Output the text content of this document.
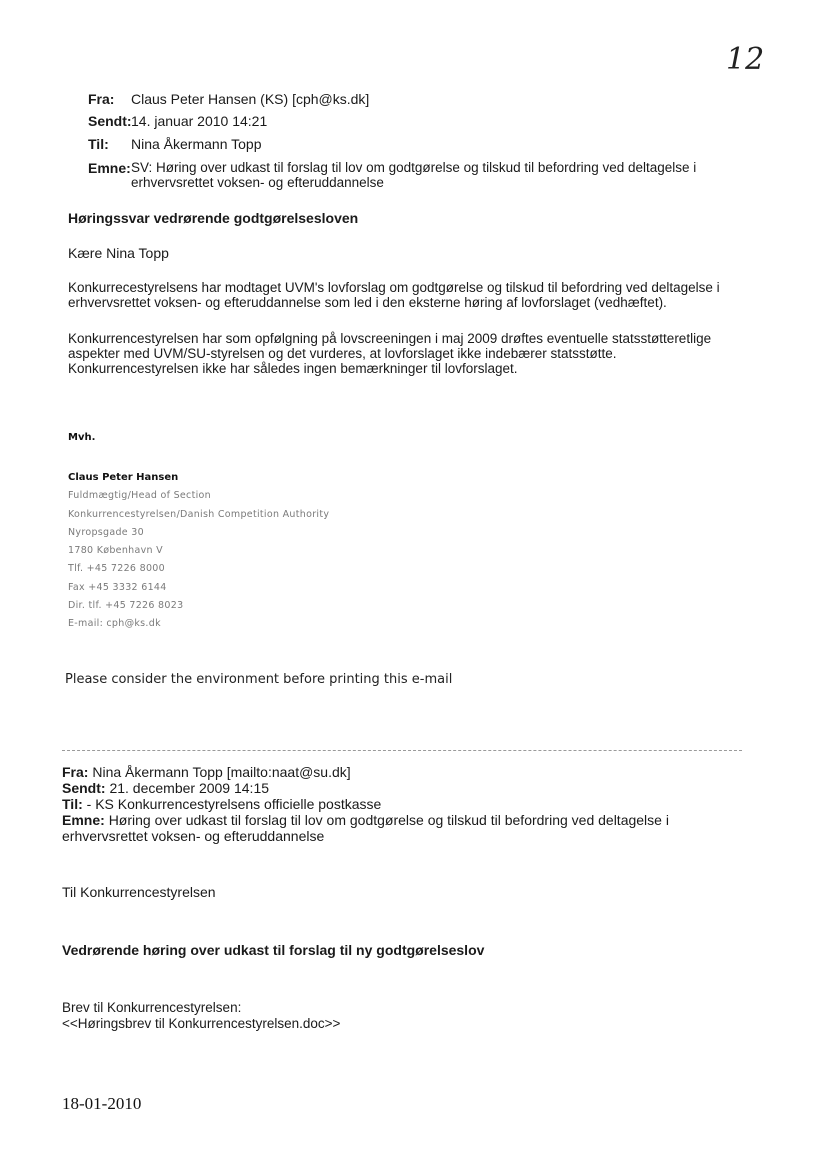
12
Fra: Claus Peter Hansen (KS) [cph@ks.dk]
Sendt: 14. januar 2010 14:21
Til: Nina Åkermann Topp
Emne: SV: Høring over udkast til forslag til lov om godtgørelse og tilskud til befordring ved deltagelse i
erhvervsrettet voksen- og efteruddannelse
Høringssvar vedrørende godtgørelsesloven
Kære Nina Topp
Konkurrecestyrelsens har modtaget UVM's lovforslag om godtgørelse og tilskud til befordring ved deltagelse i
erhvervsrettet voksen- og efteruddannelse som led i den eksterne høring af lovforslaget (vedhæftet).
Konkurrencestyrelsen har som opfølgning på lovscreeningen i maj 2009 drøftes eventuelle statsstøtteretlige
aspekter med UVM/SU-styrelsen og det vurderes, at lovforslaget ikke indebærer statsstøtte.
Konkurrencestyrelsen ikke har således ingen bemærkninger til lovforslaget.
Mvh.
Claus Peter Hansen
Fuldmægtig/Head of Section
Konkurrencestyrelsen/Danish Competition Authority
Nyropsgade 30
1780 København V
Tlf. +45 7226 8000
Fax +45 3332 6144
Dir. tlf. +45 7226 8023
E-mail: cph@ks.dk
Please consider the environment before printing this e-mail
Fra: Nina Åkermann Topp [mailto:naat@su.dk]
Sendt: 21. december 2009 14:15
Til: - KS Konkurrencestyrelsens officielle postkasse
Emne: Høring over udkast til forslag til lov om godtgørelse og tilskud til befordring ved deltagelse i
erhvervsrettet voksen- og efteruddannelse
Til Konkurrencestyrelsen
Vedrørende høring over udkast til forslag til ny godtgørelseslov
Brev til Konkurrencestyrelsen:
<<Høringsbrev til Konkurrencestyrelsen.doc>>
18-01-2010
